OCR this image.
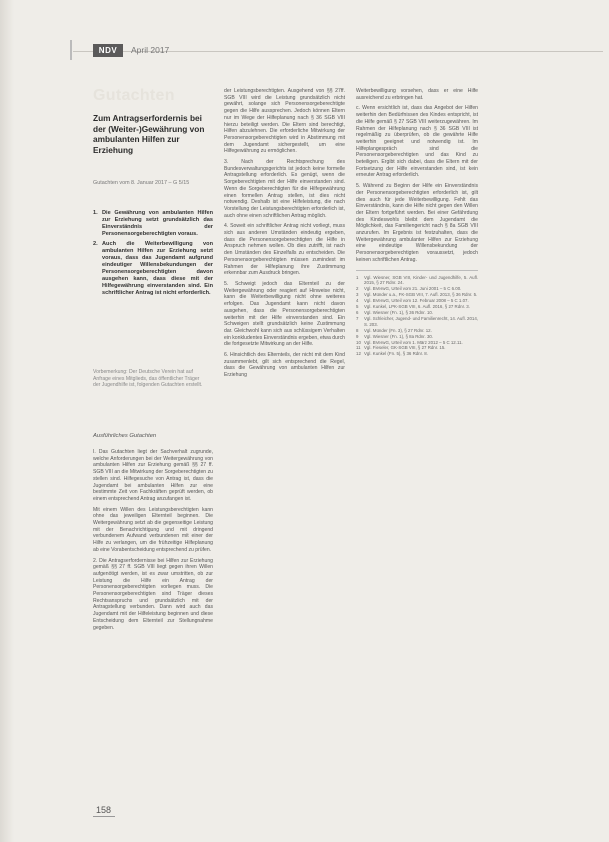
NDV	April 2017
Gutachten
Zum Antragserfordernis bei der (Weiter-)Gewährung von ambulanten Hilfen zur Erziehung
Gutachten vom 8. Januar 2017 – G 5/15
1. Die Gewährung von ambulanten Hilfen zur Erziehung setzt grundsätzlich das Einverständnis der Personensorgeberechtigten voraus.
2. Auch die Weiterbewilligung von ambulanten Hilfen zur Erziehung setzt voraus, dass das Jugendamt aufgrund eindeutiger Willensbekundungen der Personensorgeberechtigten davon ausgehen kann, dass diese mit der Hilfegewährung einverstanden sind. Ein schriftlicher Antrag ist nicht erforderlich.
Vorbemerkung: Der Deutsche Verein hat auf Anfrage eines Mitglieds, das öffentlicher Träger der Jugendhilfe ist, folgenden Gutachten erstellt.
Ausführliches Gutachten

I. Das Gutachten liegt der Sachverhalt zugrunde, welche Anforderungen bei der Weitergewährung von ambulanten Hilfen zur Erziehung gemäß §§ 27 ff. SGB VIII an die Mitwirkung der Sorgeberechtigten zu stellen sind. Hilfegesuche von Antrag ist, dass die Jugendamt bei ambulanten Hilfen zur eine bestimmte Zeit von Fachkräften geprüft werden, ob einem entsprechend Antrag anzufangen ist.

Mit einem Willen des Leistungsberechtigten kann ohne das jeweiligen Elternteil beginnen. Die Weitergewährung setzt ab die gegenseitige Leistung mit der Benachrichtigung und mit dringend verbundenem Aufwand verbundenen mit einer der Hilfe zu verlangen, um die frühzeitige Hilfeplanung ab eine Vorabentscheidung entsprechend zu prüfen.

2. Die Antragserfordernisse bei Hilfen zur Erziehung gemäß §§ 27 ff. SGB VIII liegt gegen ihren Willen aufgenötigt werden, ist es zwar umstritten, ob zur Leistung die Hilfe ein Antrag der Personensorgeberechtigten vorliegen muss. Die Personensorgeberechtigten sind Träger dieses Rechtsanspruchs und grundsätzlich mit der Antragstellung verbunden. Dann wird auch das Jugendamt mit der Hilfeleistung beginnen und diese Entscheidung dem Elternteil zur Stellungnahme gegeben.

der Leistungsberechtigten. Ausgehend von §§ 27ff. SGB VIII wird die Leistung grundsätzlich nicht gewährt, solange sich Personensorgeberechtigte gegen die Hilfe aussprechen. Jedoch können Eltern nur im Wege der Hilfeplanung nach § 36 SGB VIII hierzu beteiligt werden. Die Eltern sind berechtigt, Hilfen abzulehnen. Die erforderliche Mitwirkung der Personensorgeberechtigten wird in Abstimmung mit dem Jugendamt sichergestellt, um eine Hilfegewährung zu ermöglichen.

3. Nach der Rechtsprechung des Bundesverwaltungsgerichts ist jedoch keine formelle Antragstellung erforderlich. Es genügt, wenn die Sorgeberechtigten mit der Hilfe einverstanden sind. Wenn die Sorgeberechtigten für die Hilfegewährung einen formellen Antrag stellen, ist dies nicht notwendig. Deshalb ist eine Hilfeleistung, die nach Vorstellung der Leistungsberechtigten erforderlich ist, auch ohne einen schriftlichen Antrag möglich.

4. Soweit ein schriftlicher Antrag nicht vorliegt, muss sich aus anderen Umständen eindeutig ergeben, dass die Personensorgeberechtigten die Hilfe in Anspruch nehmen wollen. Ob dies zutrifft, ist nach den Umständen des Einzelfalls zu entscheiden. Die Personensorgeberechtigten müssen zumindest im Rahmen der Hilfeplanung ihre Zustimmung erkennbar zum Ausdruck bringen.

5. Schweigt jedoch das Elternteil zu der Weitergewährung oder reagiert auf Hinweise nicht, kann die Weiterbewilligung nicht ohne weiteres erfolgen. Das Jugendamt kann nicht davon ausgehen, dass die Personensorgeberechtigten weiterhin mit der Hilfe einverstanden sind. Ein Schweigen stellt grundsätzlich keine Zustimmung dar. Gleichwohl kann sich aus schlüssigem Verhalten ein konkludentes Einverständnis ergeben, etwa durch die fortgesetzte Mitwirkung an der Hilfe.

6. Hinsichtlich des Elternteils, der nicht mit dem Kind zusammenlebt, gilt sich entsprechend die Regel, dass die Gewährung von ambulanten Hilfen zur Erziehung

Weiterbewilligung vorsehen, dass er eine Hilfe ausreichend zu erbringen hat.

c. Wenn ersichtlich ist, dass das Angebot der Hilfen weiterhin den Bedürfnissen des Kindes entspricht, ist die Hilfe gemäß § 27 SGB VIII weiterzugewähren. Im Rahmen der Hilfeplanung nach § 36 SGB VIII ist regelmäßig zu überprüfen, ob die gewährte Hilfe weiterhin geeignet und notwendig ist. Im Hilfeplangespräch sind die Personensorgeberechtigten und das Kind zu beteiligen. Ergibt sich dabei, dass die Eltern mit der Fortsetzung der Hilfe einverstanden sind, ist kein erneuter Antrag erforderlich.

5. Während zu Beginn der Hilfe ein Einverständnis der Personensorgeberechtigten erforderlich ist, gilt dies auch für jede Weiterbewilligung. Fehlt das Einverständnis, kann die Hilfe nicht gegen den Willen der Eltern fortgeführt werden. Bei einer Gefährdung des Kindeswohls bleibt dem Jugendamt die Möglichkeit, das Familiengericht nach § 8a SGB VIII anzurufen. Im Ergebnis ist festzuhalten, dass die Weitergewährung ambulanter Hilfen zur Erziehung eine eindeutige Willensbekundung der Personensorgeberechtigten voraussetzt, jedoch keinen schriftlichen Antrag.

1 Vgl. Wiesner, SGB VIII, Kinder- und Jugendhilfe, 5. Aufl. 2015, § 27 Rdnr. 24.
2 Vgl. BVerwG, Urteil vom 21. Juni 2001 – 5 C 6.00.
3 Vgl. Münder u.a., FK-SGB VIII, 7. Aufl. 2013, § 36 Rdnr. 5.
4 Vgl. BVerwG, Urteil vom 12. Februar 2008 – 5 C 1.07.
5 Vgl. Kunkel, LPK-SGB VIII, 6. Aufl. 2016, § 27 Rdnr. 3.
6 Vgl. Wiesner (Fn. 1), § 36 Rdnr. 10.
7 Vgl. Schleicher, Jugend- und Familienrecht, 14. Aufl. 2014, S. 203.
8 Vgl. Münder (Fn. 3), § 27 Rdnr. 12.
9 Vgl. Wiesner (Fn. 1), § 8a Rdnr. 30.
10 Vgl. BVerwG, Urteil vom 1. März 2012 – 5 C 12.11.
11 Vgl. Fieseler, GK-SGB VIII, § 27 Rdnr. 15.
12 Vgl. Kunkel (Fn. 5), § 36 Rdnr. 8.
158
